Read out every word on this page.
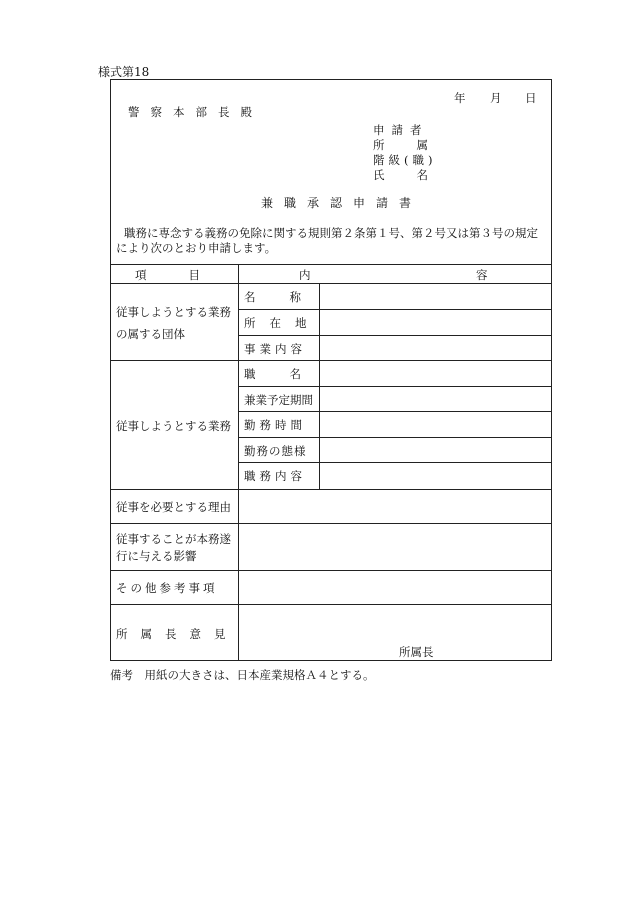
様式第18
年 月 日
警察本部長殿
申請者
所属
階級(職)
氏名
兼職承認申請書
職務に専念する義務の免除に関する規則第２条第１号、第２号又は第３号の規定
により次のとおり申請します。
項目	内	容
従事しようとする業務
の属する団体
名称
所在地
事業内容
従事しようとする業務
職名
兼業予定期間
勤務時間
勤務の態様
職務内容
従事を必要とする理由
従事することが本務遂
行に与える影響
その他参考事項
所属長意見
所属長
備考　用紙の大きさは、日本産業規格Ａ４とする。
